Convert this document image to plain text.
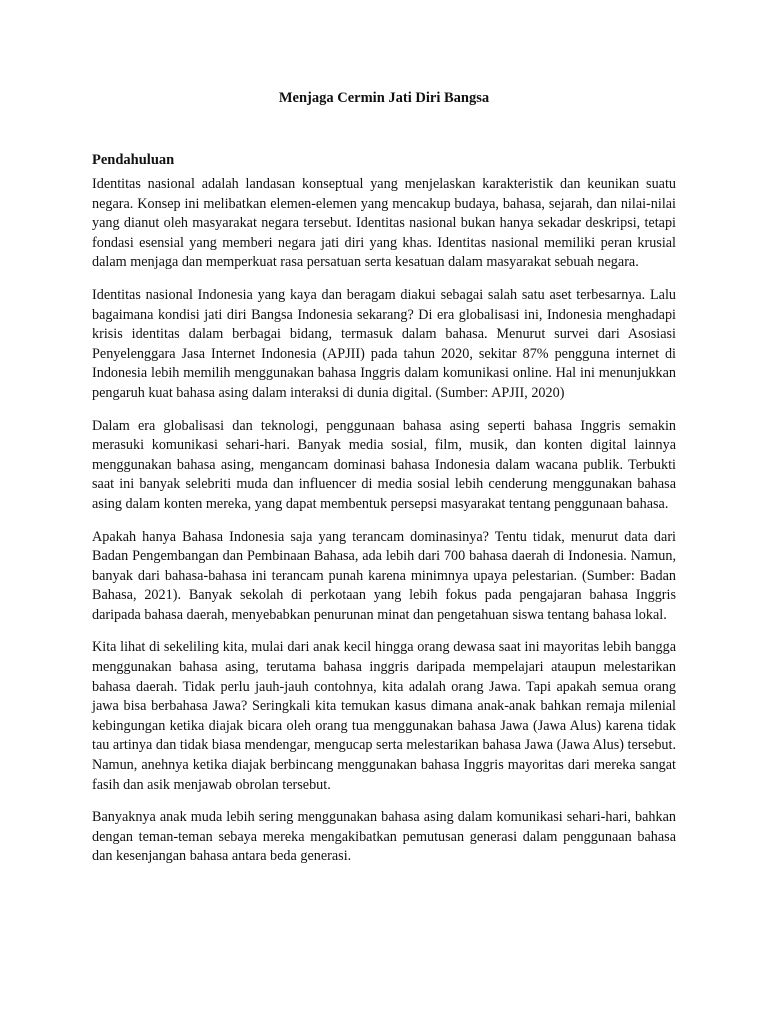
Menjaga Cermin Jati Diri Bangsa
Pendahuluan

Identitas nasional adalah landasan konseptual yang menjelaskan karakteristik dan keunikan suatu negara. Konsep ini melibatkan elemen-elemen yang mencakup budaya, bahasa, sejarah, dan nilai-nilai yang dianut oleh masyarakat negara tersebut. Identitas nasional bukan hanya sekadar deskripsi, tetapi fondasi esensial yang memberi negara jati diri yang khas. Identitas nasional memiliki peran krusial dalam menjaga dan memperkuat rasa persatuan serta kesatuan dalam masyarakat sebuah negara.

Identitas nasional Indonesia yang kaya dan beragam diakui sebagai salah satu aset terbesarnya. Lalu bagaimana kondisi jati diri Bangsa Indonesia sekarang? Di era globalisasi ini, Indonesia menghadapi krisis identitas dalam berbagai bidang, termasuk dalam bahasa. Menurut survei dari Asosiasi Penyelenggara Jasa Internet Indonesia (APJII) pada tahun 2020, sekitar 87% pengguna internet di Indonesia lebih memilih menggunakan bahasa Inggris dalam komunikasi online. Hal ini menunjukkan pengaruh kuat bahasa asing dalam interaksi di dunia digital. (Sumber: APJII, 2020)

Dalam era globalisasi dan teknologi, penggunaan bahasa asing seperti bahasa Inggris semakin merasuki komunikasi sehari-hari. Banyak media sosial, film, musik, dan konten digital lainnya menggunakan bahasa asing, mengancam dominasi bahasa Indonesia dalam wacana publik. Terbukti saat ini banyak selebriti muda dan influencer di media sosial lebih cenderung menggunakan bahasa asing dalam konten mereka, yang dapat membentuk persepsi masyarakat tentang penggunaan bahasa.

Apakah hanya Bahasa Indonesia saja yang terancam dominasinya? Tentu tidak, menurut data dari Badan Pengembangan dan Pembinaan Bahasa, ada lebih dari 700 bahasa daerah di Indonesia. Namun, banyak dari bahasa-bahasa ini terancam punah karena minimnya upaya pelestarian. (Sumber: Badan Bahasa, 2021). Banyak sekolah di perkotaan yang lebih fokus pada pengajaran bahasa Inggris daripada bahasa daerah, menyebabkan penurunan minat dan pengetahuan siswa tentang bahasa lokal.

Kita lihat di sekeliling kita, mulai dari anak kecil hingga orang dewasa saat ini mayoritas lebih bangga menggunakan bahasa asing, terutama bahasa inggris daripada mempelajari ataupun melestarikan bahasa daerah. Tidak perlu jauh-jauh contohnya, kita adalah orang Jawa. Tapi apakah semua orang jawa bisa berbahasa Jawa? Seringkali kita temukan kasus dimana anak-anak bahkan remaja milenial kebingungan ketika diajak bicara oleh orang tua menggunakan bahasa Jawa (Jawa Alus) karena tidak tau artinya dan tidak biasa mendengar, mengucap serta melestarikan bahasa Jawa (Jawa Alus) tersebut. Namun, anehnya ketika diajak berbincang menggunakan bahasa Inggris mayoritas dari mereka sangat fasih dan asik menjawab obrolan tersebut.

Banyaknya anak muda lebih sering menggunakan bahasa asing dalam komunikasi sehari-hari, bahkan dengan teman-teman sebaya mereka mengakibatkan pemutusan generasi dalam penggunaan bahasa dan kesenjangan bahasa antara beda generasi.
